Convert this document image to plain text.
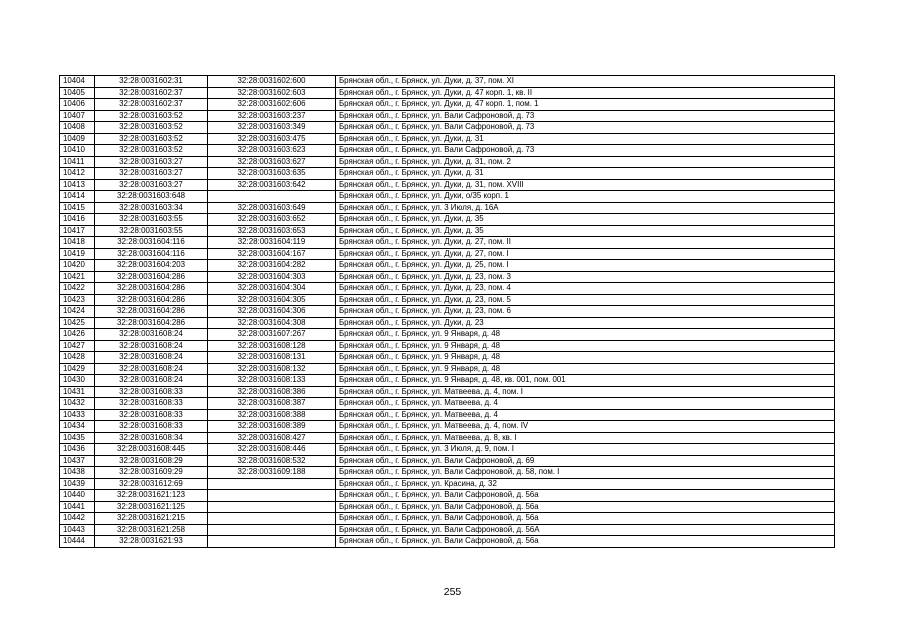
10404	32:28:0031602:31	32:28:0031602:600	Брянская обл., г. Брянск, ул. Дуки, д. 37, пом. XI
10405	32:28:0031602:37	32:28:0031602:603	Брянская обл., г. Брянск, ул. Дуки, д. 47 корп. 1, кв. II
10406	32:28:0031602:37	32:28:0031602:606	Брянская обл., г. Брянск, ул. Дуки, д. 47 корп. 1, пом. 1
10407	32:28:0031603:52	32:28:0031603:237	Брянская обл., г. Брянск, ул. Вали Сафроновой, д. 73
10408	32:28:0031603:52	32:28:0031603:349	Брянская обл., г. Брянск, ул. Вали Сафроновой, д. 73
10409	32:28:0031603:52	32:28:0031603:475	Брянская обл., г. Брянск, ул. Дуки, д. 31
10410	32:28:0031603:52	32:28:0031603:623	Брянская обл., г. Брянск, ул. Вали Сафроновой, д. 73
10411	32:28:0031603:27	32:28:0031603:627	Брянская обл., г. Брянск, ул. Дуки, д. 31, пом. 2
10412	32:28:0031603:27	32:28:0031603:635	Брянская обл., г. Брянск, ул. Дуки, д. 31
10413	32:28:0031603:27	32:28:0031603:642	Брянская обл., г. Брянск, ул. Дуки, д. 31, пом. XVIII
10414	32:28:0031603:648		Брянская обл., г. Брянск, ул. Дуки, о/35 корп. 1
10415	32:28:0031603:34	32:28:0031603:649	Брянская обл., г. Брянск, ул. 3 Июля, д. 16А
10416	32:28:0031603:55	32:28:0031603:652	Брянская обл., г. Брянск, ул. Дуки, д. 35
10417	32:28:0031603:55	32:28:0031603:653	Брянская обл., г. Брянск, ул. Дуки, д. 35
10418	32:28:0031604:116	32:28:0031604:119	Брянская обл., г. Брянск, ул. Дуки, д. 27, пом. II
10419	32:28:0031604:116	32:28:0031604:167	Брянская обл., г. Брянск, ул. Дуки, д. 27, пом. I
10420	32:28:0031604:203	32:28:0031604:282	Брянская обл., г. Брянск, ул. Дуки, д. 25, пом. I
10421	32:28:0031604:286	32:28:0031604:303	Брянская обл., г. Брянск, ул. Дуки, д. 23, пом. 3
10422	32:28:0031604:286	32:28:0031604:304	Брянская обл., г. Брянск, ул. Дуки, д. 23, пом. 4
10423	32:28:0031604:286	32:28:0031604:305	Брянская обл., г. Брянск, ул. Дуки, д. 23, пом. 5
10424	32:28:0031604:286	32:28:0031604:306	Брянская обл., г. Брянск, ул. Дуки, д. 23, пом. 6
10425	32:28:0031604:286	32:28:0031604:308	Брянская обл., г. Брянск, ул. Дуки, д. 23
10426	32:28:0031608:24	32:28:0031607:267	Брянская обл., г. Брянск, ул. 9 Января, д. 48
10427	32:28:0031608:24	32:28:0031608:128	Брянская обл., г. Брянск, ул. 9 Января, д. 48
10428	32:28:0031608:24	32:28:0031608:131	Брянская обл., г. Брянск, ул. 9 Января, д. 48
10429	32:28:0031608:24	32:28:0031608:132	Брянская обл., г. Брянск, ул. 9 Января, д. 48
10430	32:28:0031608:24	32:28:0031608:133	Брянская обл., г. Брянск, ул. 9 Января, д. 48, кв. 001, пом. 001
10431	32:28:0031608:33	32:28:0031608:386	Брянская обл., г. Брянск, ул. Матвеева, д. 4, пом. I
10432	32:28:0031608:33	32:28:0031608:387	Брянская обл., г. Брянск, ул. Матвеева, д. 4
10433	32:28:0031608:33	32:28:0031608:388	Брянская обл., г. Брянск, ул. Матвеева, д. 4
10434	32:28:0031608:33	32:28:0031608:389	Брянская обл., г. Брянск, ул. Матвеева, д. 4, пом. IV
10435	32:28:0031608:34	32:28:0031608:427	Брянская обл., г. Брянск, ул. Матвеева, д. 8, кв. I
10436	32:28:0031608:445	32:28:0031608:446	Брянская обл., г. Брянск, ул. 3 Июля, д. 9, пом. I
10437	32:28:0031608:29	32:28:0031608:532	Брянская обл., г. Брянск, ул. Вали Сафроновой, д. 69
10438	32:28:0031609:29	32:28:0031609:188	Брянская обл., г. Брянск, ул. Вали Сафроновой, д. 58, пом. I
10439	32:28:0031612:69		Брянская обл., г. Брянск, ул. Красина, д. 32
10440	32:28:0031621:123		Брянская обл., г. Брянск, ул. Вали Сафроновой, д. 56а
10441	32:28:0031621:125		Брянская обл., г. Брянск, ул. Вали Сафроновой, д. 56а
10442	32:28:0031621:215		Брянская обл., г. Брянск, ул. Вали Сафроновой, д. 56а
10443	32:28:0031621:258		Брянская обл., г. Брянск, ул. Вали Сафроновой, д. 56А
10444	32:28:0031621:93		Брянская обл., г. Брянск, ул. Вали Сафроновой, д. 56а
255
